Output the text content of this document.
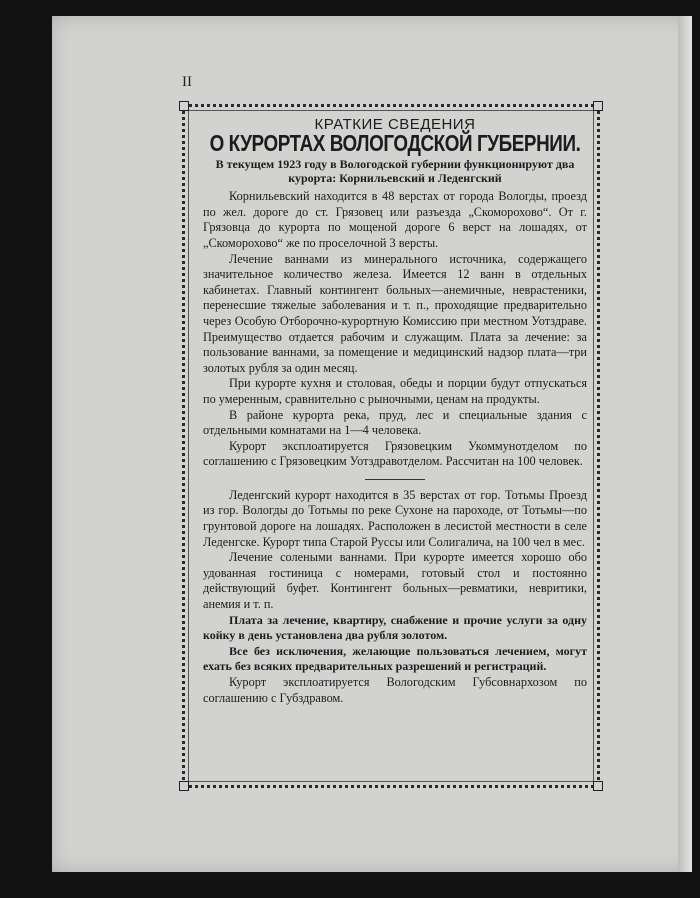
II

КРАТКИЕ СВЕДЕНИЯ

О КУРОРТАХ ВОЛОГОДСКОЙ ГУБЕРНИИ.

В текущем 1923 году в Вологодской губернии функционируют два курорта: Корнильевский и Леденгский

Корнильевский находится в 48 верстах от города Вологды, проезд по жел. дороге до ст. Грязовец или разъезда „Скоморохово“. От г. Грязовца до курорта по мощеной дороге 6 верст на лошадях, от „Скоморохово“ же по проселочной 3 версты.

Лечение ваннами из минерального источника, содержащего значительное количество железа. Имеется 12 ванн в отдельных кабинетах. Главный контингент больных—анемичные, неврастеники, перенесшие тяжелые заболевания и т. п., проходящие предварительно через Особую Отборочно-курортную Комиссию при местном Уотздраве. Преимущество отдается рабочим и служащим. Плата за лечение: за пользование ваннами, за помещение и медицинский надзор плата—три золотых рубля за один месяц.

При курорте кухня и столовая, обеды и порции будут отпускаться по умеренным, сравнительно с рыночными, ценам на продукты.

В районе курорта река, пруд, лес и специальные здания с отдельными комнатами на 1—4 человека.

Курорт эксплоатируется Грязовецким Укоммунотделом по соглашению с Грязовецким Уотздравотделом. Рассчитан на 100 человек.

Леденгский курорт находится в 35 верстах от гор. Тотьмы Проезд из гор. Вологды до Тотьмы по реке Сухоне на пароходе, от Тотьмы—по грунтовой дороге на лошадях. Расположен в лесистой местности в селе Леденгске. Курорт типа Старой Руссы или Солигалича, на 100 чел в мес.

Лечение солеными ваннами. При курорте имеется хорошо обо удованная гостиница с номерами, готовый стол и постоянно действующий буфет. Контингент больных—ревматики, невритики, анемия и т. п.

Плата за лечение, квартиру, снабжение и прочие услуги за одну койку в день установлена два рубля золотом.

Все без исключения, желающие пользоваться лечением, могут ехать без всяких предварительных разрешений и регистраций.

Курорт эксплоатируется Вологодским Губсовнархозом по соглашению с Губздравом.
